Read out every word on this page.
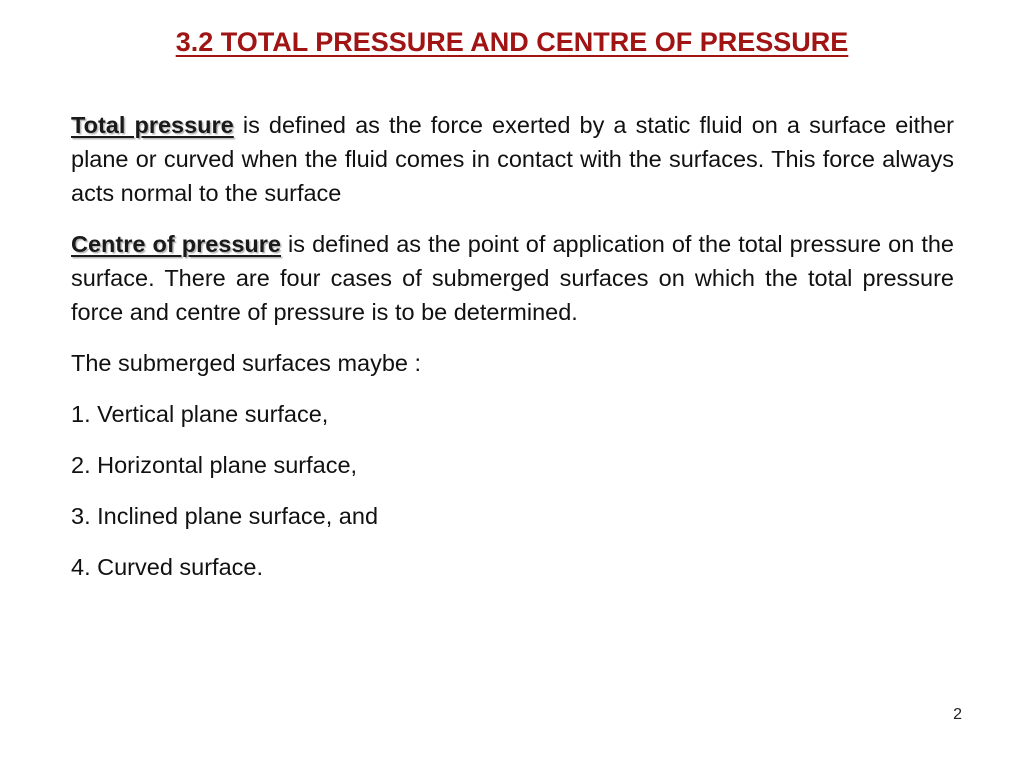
3.2 TOTAL PRESSURE AND CENTRE OF PRESSURE

Total pressure is defined as the force exerted by a static fluid on a surface either plane or curved when the fluid comes in contact with the surfaces. This force always acts normal to the surface

Centre of pressure is defined as the point of application of the total pressure on the surface. There are four cases of submerged surfaces on which the total pressure force and centre of pressure is to be determined.

The submerged surfaces maybe :

1. Vertical plane surface,

2. Horizontal plane surface,

3. Inclined plane surface, and

4. Curved surface.

2
